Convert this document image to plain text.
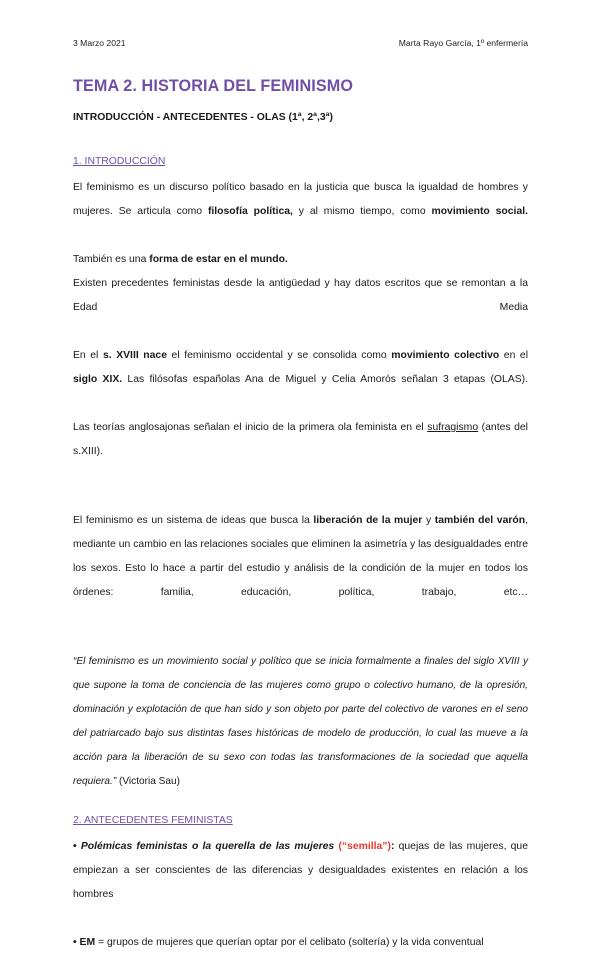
3 Marzo 2021	Marta Rayo García, 1º enfermería
TEMA 2. HISTORIA DEL FEMINISMO
INTRODUCCIÓN - ANTECEDENTES - OLAS (1ª, 2ª,3ª)
1. INTRODUCCIÓN

El feminismo es un discurso político basado en la justicia que busca la igualdad de hombres y mujeres. Se articula como filosofía política, y al mismo tiempo, como movimiento social.

También es una forma de estar en el mundo.

Existen precedentes feministas desde la antigüedad y hay datos escritos que se remontan a la Edad Media

En el s. XVIII nace el feminismo occidental y se consolida como movimiento colectivo en el siglo XIX. Las filósofas españolas Ana de Miguel y Celia Amorós señalan 3 etapas (OLAS).

Las teorías anglosajonas señalan el inicio de la primera ola feminista en el sufragismo (antes del s.XIII).

El feminismo es un sistema de ideas que busca la liberación de la mujer y también del varón, mediante un cambio en las relaciones sociales que eliminen la asimetría y las desigualdades entre los sexos. Esto lo hace a partir del estudio y análisis de la condición de la mujer en todos los órdenes: familia, educación, política, trabajo, etc…

“El feminismo es un movimiento social y político que se inicia formalmente a finales del siglo XVIII y que supone la toma de conciencia de las mujeres como grupo o colectivo humano, de la opresión, dominación y explotación de que han sido y son objeto por parte del colectivo de varones en el seno del patriarcado bajo sus distintas fases históricas de modelo de producción, lo cual las mueve a la acción para la liberación de su sexo con todas las transformaciones de la sociedad que aquella requiera.” (Victoria Sau)

2. ANTECEDENTES FEMINISTAS

• Polémicas feministas o la querella de las mujeres (“semilla”): quejas de las mujeres, que empiezan a ser conscientes de las diferencias y desigualdades existentes en relación a los hombres

• EM = grupos de mujeres que querían optar por el celibato (soltería) y la vida conventual
